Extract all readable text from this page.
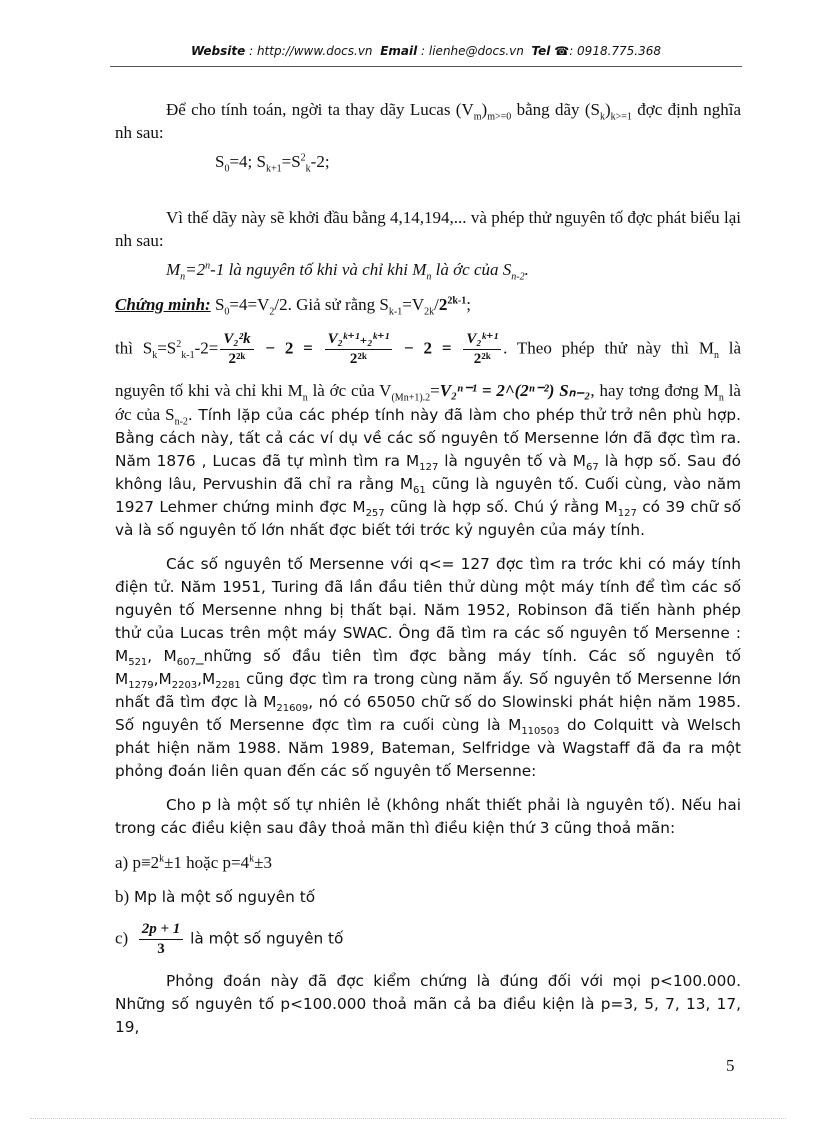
Website : http://www.docs.vn Email : lienhe@docs.vn Tel ☎: 0918.775.368

Để cho tính toán, ngời ta thay dãy Lucas $(V_m)_{m>=0}$ bằng dãy $(S_k)_{k>=1}$ đợc định nghĩa nh sau:

$S_0=4$; $S_{k+1}=S^2_k-2$;

Vì thế dãy này sẽ khởi đầu bằng 4,14,194,... và phép thử nguyên tố đợc phát biểu lại nh sau:

$M_n=2^n-1$ là nguyên tố khi và chỉ khi $M_n$ là ớc của $S_{n-2}$.

Chứng minh: $S_0=4=V_2/2$. Giả sử rằng $S_{k-1}=V_{2k}/2^{2k-1}$;

thì $S_k=S^2_{k-1}-2= \frac{\text{V₂²k}}{\text{2²ᵏ}} - 2 = \frac{\text{V₂ᵏ⁺¹₊₂ᵏ⁺¹}}{\text{2²ᵏ}} - 2 = \frac{\text{V₂ᵏ⁺¹}}{\text{2²ᵏ}}$ . Theo phép thử này thì $M_n$ là

nguyên tố khi và chỉ khi $M_n$ là ớc của $V_{(Mn+1).2}=V_2^{n-1}$ = 2^(2ⁿ⁻²) Sₙ₋₂, hay tơng đơng $M_n$ là ớc của $S_{n-2}$. Tính lặp của các phép tính này đã làm cho phép thử trở nên phù hợp. Bằng cách này, tất cả các ví dụ về các số nguyên tố Mersenne lớn đã đợc tìm ra. Năm 1876 , Lucas đã tự mình tìm ra $M_{127}$ là nguyên tố và $M_{67}$ là hợp số. Sau đó không lâu, Pervushin đã chỉ ra rằng $M_{61}$ cũng là nguyên tố. Cuối cùng, vào năm 1927 Lehmer chứng minh đợc $M_{257}$ cũng là hợp số. Chú ý rằng $M_{127}$ có 39 chữ số và là số nguyên tố lớn nhất đợc biết tới trớc kỷ nguyên của máy tính.

Các số nguyên tố Mersenne với q<= 127 đợc tìm ra trớc khi có máy tính điện tử. Năm 1951, Turing đã lần đầu tiên thử dùng một máy tính để tìm các số nguyên tố Mersenne nhng bị thất bại. Năm 1952, Robinson đã tiến hành phép thử của Lucas trên một máy SWAC. Ông đã tìm ra các số nguyên tố Mersenne : $M_{521}$, $M_{607}\_những$ số đầu tiên tìm đợc bằng máy tính. Các số nguyên tố $M_{1279},M_{2203},M_{2281}$ cũng đợc tìm ra trong cùng năm ấy. Số nguyên tố Mersenne lớn nhất đã tìm đợc là $M_{21609}$, nó có 65050 chữ số do Slowinski phát hiện năm 1985. Số nguyên tố Mersenne đợc tìm ra cuối cùng là $M_{110503}$ do Colquitt và Welsch phát hiện năm 1988. Năm 1989, Bateman, Selfridge và Wagstaff đã đa ra một phỏng đoán liên quan đến các số nguyên tố Mersenne:

Cho p là một số tự nhiên lẻ (không nhất thiết phải là nguyên tố). Nếu hai trong các điều kiện sau đây thoả mãn thì điều kiện thứ 3 cũng thoả mãn:

a) $p\equiv 2^k\pm 1$ hoặc $p=4^k\pm 3$

b) Mp là một số nguyên tố

$c) \frac{2p + 1}{3}$ là một số nguyên tố

Phỏng đoán này đã đợc kiểm chứng là đúng đối với mọi p<100.000. Những số nguyên tố p<100.000 thoả mãn cả ba điều kiện là p=3, 5, 7, 13, 17, 19,

5
